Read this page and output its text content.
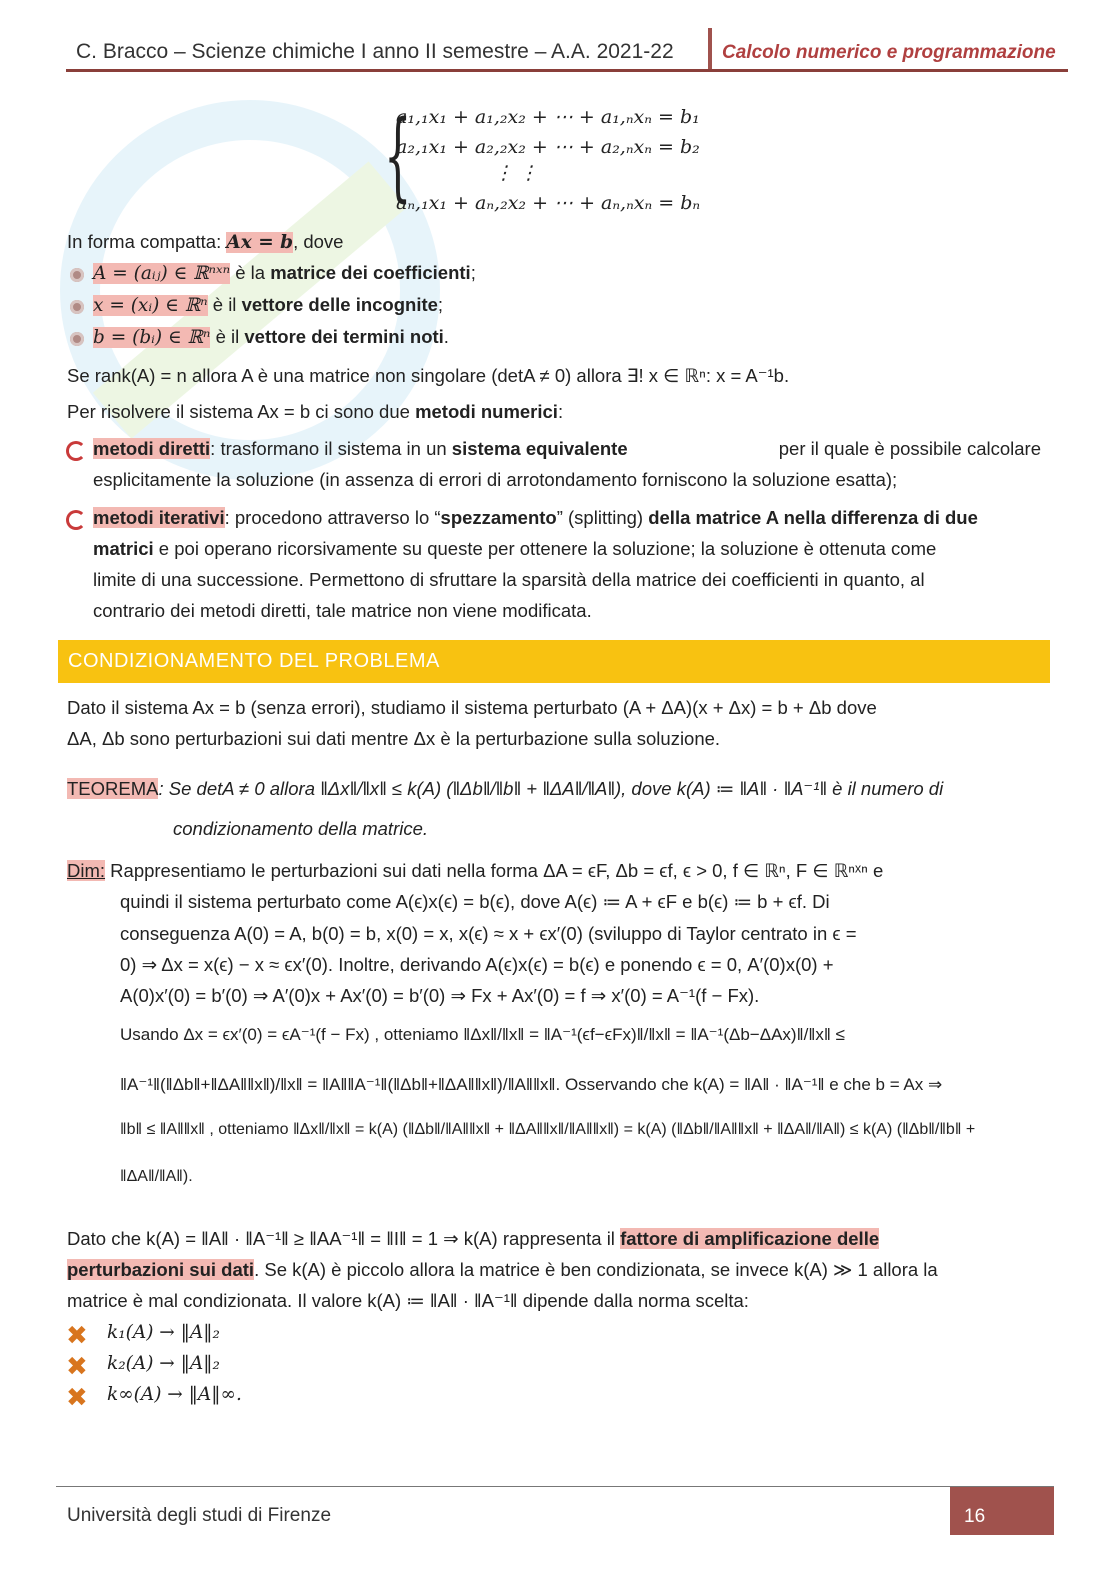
C. Bracco – Scienze chimiche I anno II semestre – A.A. 2021-22	Calcolo numerico e programmazione
{
a₁,₁x₁ + a₁,₂x₂ + ⋯ + a₁,ₙxₙ = b₁
a₂,₁x₁ + a₂,₂x₂ + ⋯ + a₂,ₙxₙ = b₂
⋮ ⋮
aₙ,₁x₁ + aₙ,₂x₂ + ⋯ + aₙ,ₙxₙ = bₙ
In forma compatta: Ax = b, dove
A = (aᵢⱼ) ∈ ℝⁿˣⁿ è la matrice dei coefficienti;
x = (xᵢ) ∈ ℝⁿ è il vettore delle incognite;
b = (bᵢ) ∈ ℝⁿ è il vettore dei termini noti.
Se rank(A) = n allora A è una matrice non singolare (detA ≠ 0) allora ∃! x ∈ ℝⁿ: x = A⁻¹b.
Per risolvere il sistema Ax = b ci sono due metodi numerici:
metodi diretti: trasformano il sistema in un sistema equivalente	per il quale è possibile calcolare
esplicitamente la soluzione (in assenza di errori di arrotondamento forniscono la soluzione esatta);
metodi iterativi: procedono attraverso lo “spezzamento” (splitting) della matrice A nella differenza di due
matrici e poi operano ricorsivamente su queste per ottenere la soluzione; la soluzione è ottenuta come
limite di una successione. Permettono di sfruttare la sparsità della matrice dei coefficienti in quanto, al
contrario dei metodi diretti, tale matrice non viene modificata.
CONDIZIONAMENTO DEL PROBLEMA
Dato il sistema Ax = b (senza errori), studiamo il sistema perturbato (A + ΔA)(x + Δx) = b + Δb dove
ΔA, Δb sono perturbazioni sui dati mentre Δx è la perturbazione sulla soluzione.
TEOREMA: Se detA ≠ 0 allora ‖Δx‖/‖x‖ ≤ k(A) (‖Δb‖/‖b‖ + ‖ΔA‖/‖A‖), dove k(A) ≔ ‖A‖ · ‖A⁻¹‖ è il numero di
condizionamento della matrice.
Dim: Rappresentiamo le perturbazioni sui dati nella forma ΔA = ϵF, Δb = ϵf, ϵ > 0, f ∈ ℝⁿ, F ∈ ℝⁿˣⁿ e
quindi il sistema perturbato come A(ϵ)x(ϵ) = b(ϵ), dove A(ϵ) ≔ A + ϵF e b(ϵ) ≔ b + ϵf. Di
conseguenza A(0) = A, b(0) = b, x(0) = x, x(ϵ) ≈ x + ϵx′(0) (sviluppo di Taylor centrato in ϵ =
0) ⇒ Δx = x(ϵ) − x ≈ ϵx′(0). Inoltre, derivando A(ϵ)x(ϵ) = b(ϵ) e ponendo ϵ = 0, A′(0)x(0) +
A(0)x′(0) = b′(0) ⇒ A′(0)x + Ax′(0) = b′(0) ⇒ Fx + Ax′(0) = f ⇒ x′(0) = A⁻¹(f − Fx).
Usando Δx = ϵx′(0) = ϵA⁻¹(f − Fx) , otteniamo ‖Δx‖/‖x‖ = ‖A⁻¹(ϵf−ϵFx)‖/‖x‖ = ‖A⁻¹(Δb−ΔAx)‖/‖x‖ ≤
‖A⁻¹‖(‖Δb‖+‖ΔA‖‖x‖)/‖x‖ = ‖A‖‖A⁻¹‖(‖Δb‖+‖ΔA‖‖x‖)/‖A‖‖x‖. Osservando che k(A) = ‖A‖ · ‖A⁻¹‖ e che b = Ax ⇒
‖b‖ ≤ ‖A‖‖x‖ , otteniamo ‖Δx‖/‖x‖ = k(A) (‖Δb‖/‖A‖‖x‖ + ‖ΔA‖‖x‖/‖A‖‖x‖) = k(A) (‖Δb‖/‖A‖‖x‖ + ‖ΔA‖/‖A‖) ≤ k(A) (‖Δb‖/‖b‖ +
‖ΔA‖/‖A‖).
Dato che k(A) = ‖A‖ · ‖A⁻¹‖ ≥ ‖AA⁻¹‖ = ‖I‖ = 1 ⇒ k(A) rappresenta il fattore di amplificazione delle
perturbazioni sui dati. Se k(A) è piccolo allora la matrice è ben condizionata, se invece k(A) ≫ 1 allora la
matrice è mal condizionata. Il valore k(A) ≔ ‖A‖ · ‖A⁻¹‖ dipende dalla norma scelta:
✖ k₁(A) → ‖A‖₂
✖ k₂(A) → ‖A‖₂
✖ k∞(A) → ‖A‖∞.
Università degli studi di Firenze	16
